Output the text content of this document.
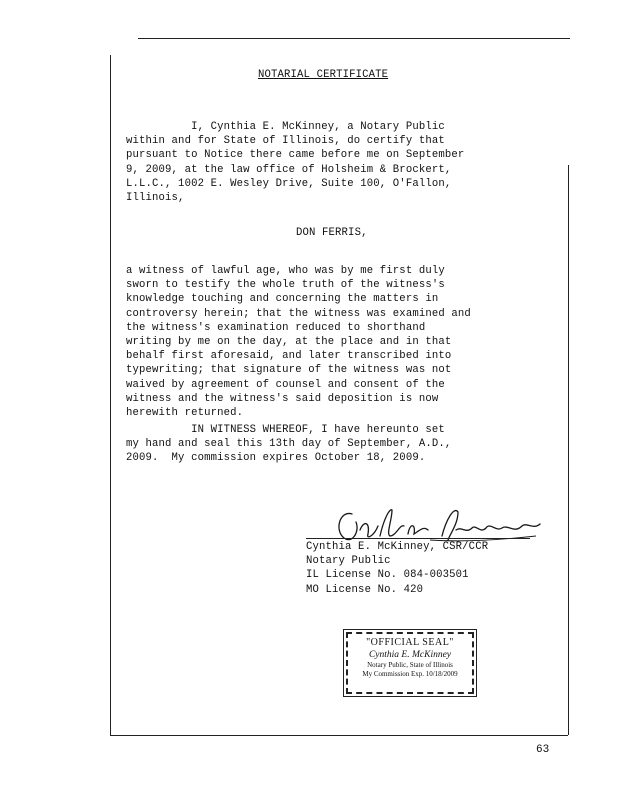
NOTARIAL CERTIFICATE
I, Cynthia E. McKinney, a Notary Public
within and for State of Illinois, do certify that
pursuant to Notice there came before me on September
9, 2009, at the law office of Holsheim & Brockert,
L.L.C., 1002 E. Wesley Drive, Suite 100, O'Fallon,
Illinois,
DON FERRIS,
a witness of lawful age, who was by me first duly
sworn to testify the whole truth of the witness's
knowledge touching and concerning the matters in
controversy herein; that the witness was examined and
the witness's examination reduced to shorthand
writing by me on the day, at the place and in that
behalf first aforesaid, and later transcribed into
typewriting; that signature of the witness was not
waived by agreement of counsel and consent of the
witness and the witness's said deposition is now
herewith returned.
IN WITNESS WHEREOF, I have hereunto set
my hand and seal this 13th day of September, A.D.,
2009.  My commission expires October 18, 2009.
Cynthia E. McKinney, CSR/CCR
Notary Public
IL License No. 084-003501
MO License No. 420
"OFFICIAL SEAL"
Cynthia E. McKinney
Notary Public, State of Illinois
My Commission Exp. 10/18/2009
63
